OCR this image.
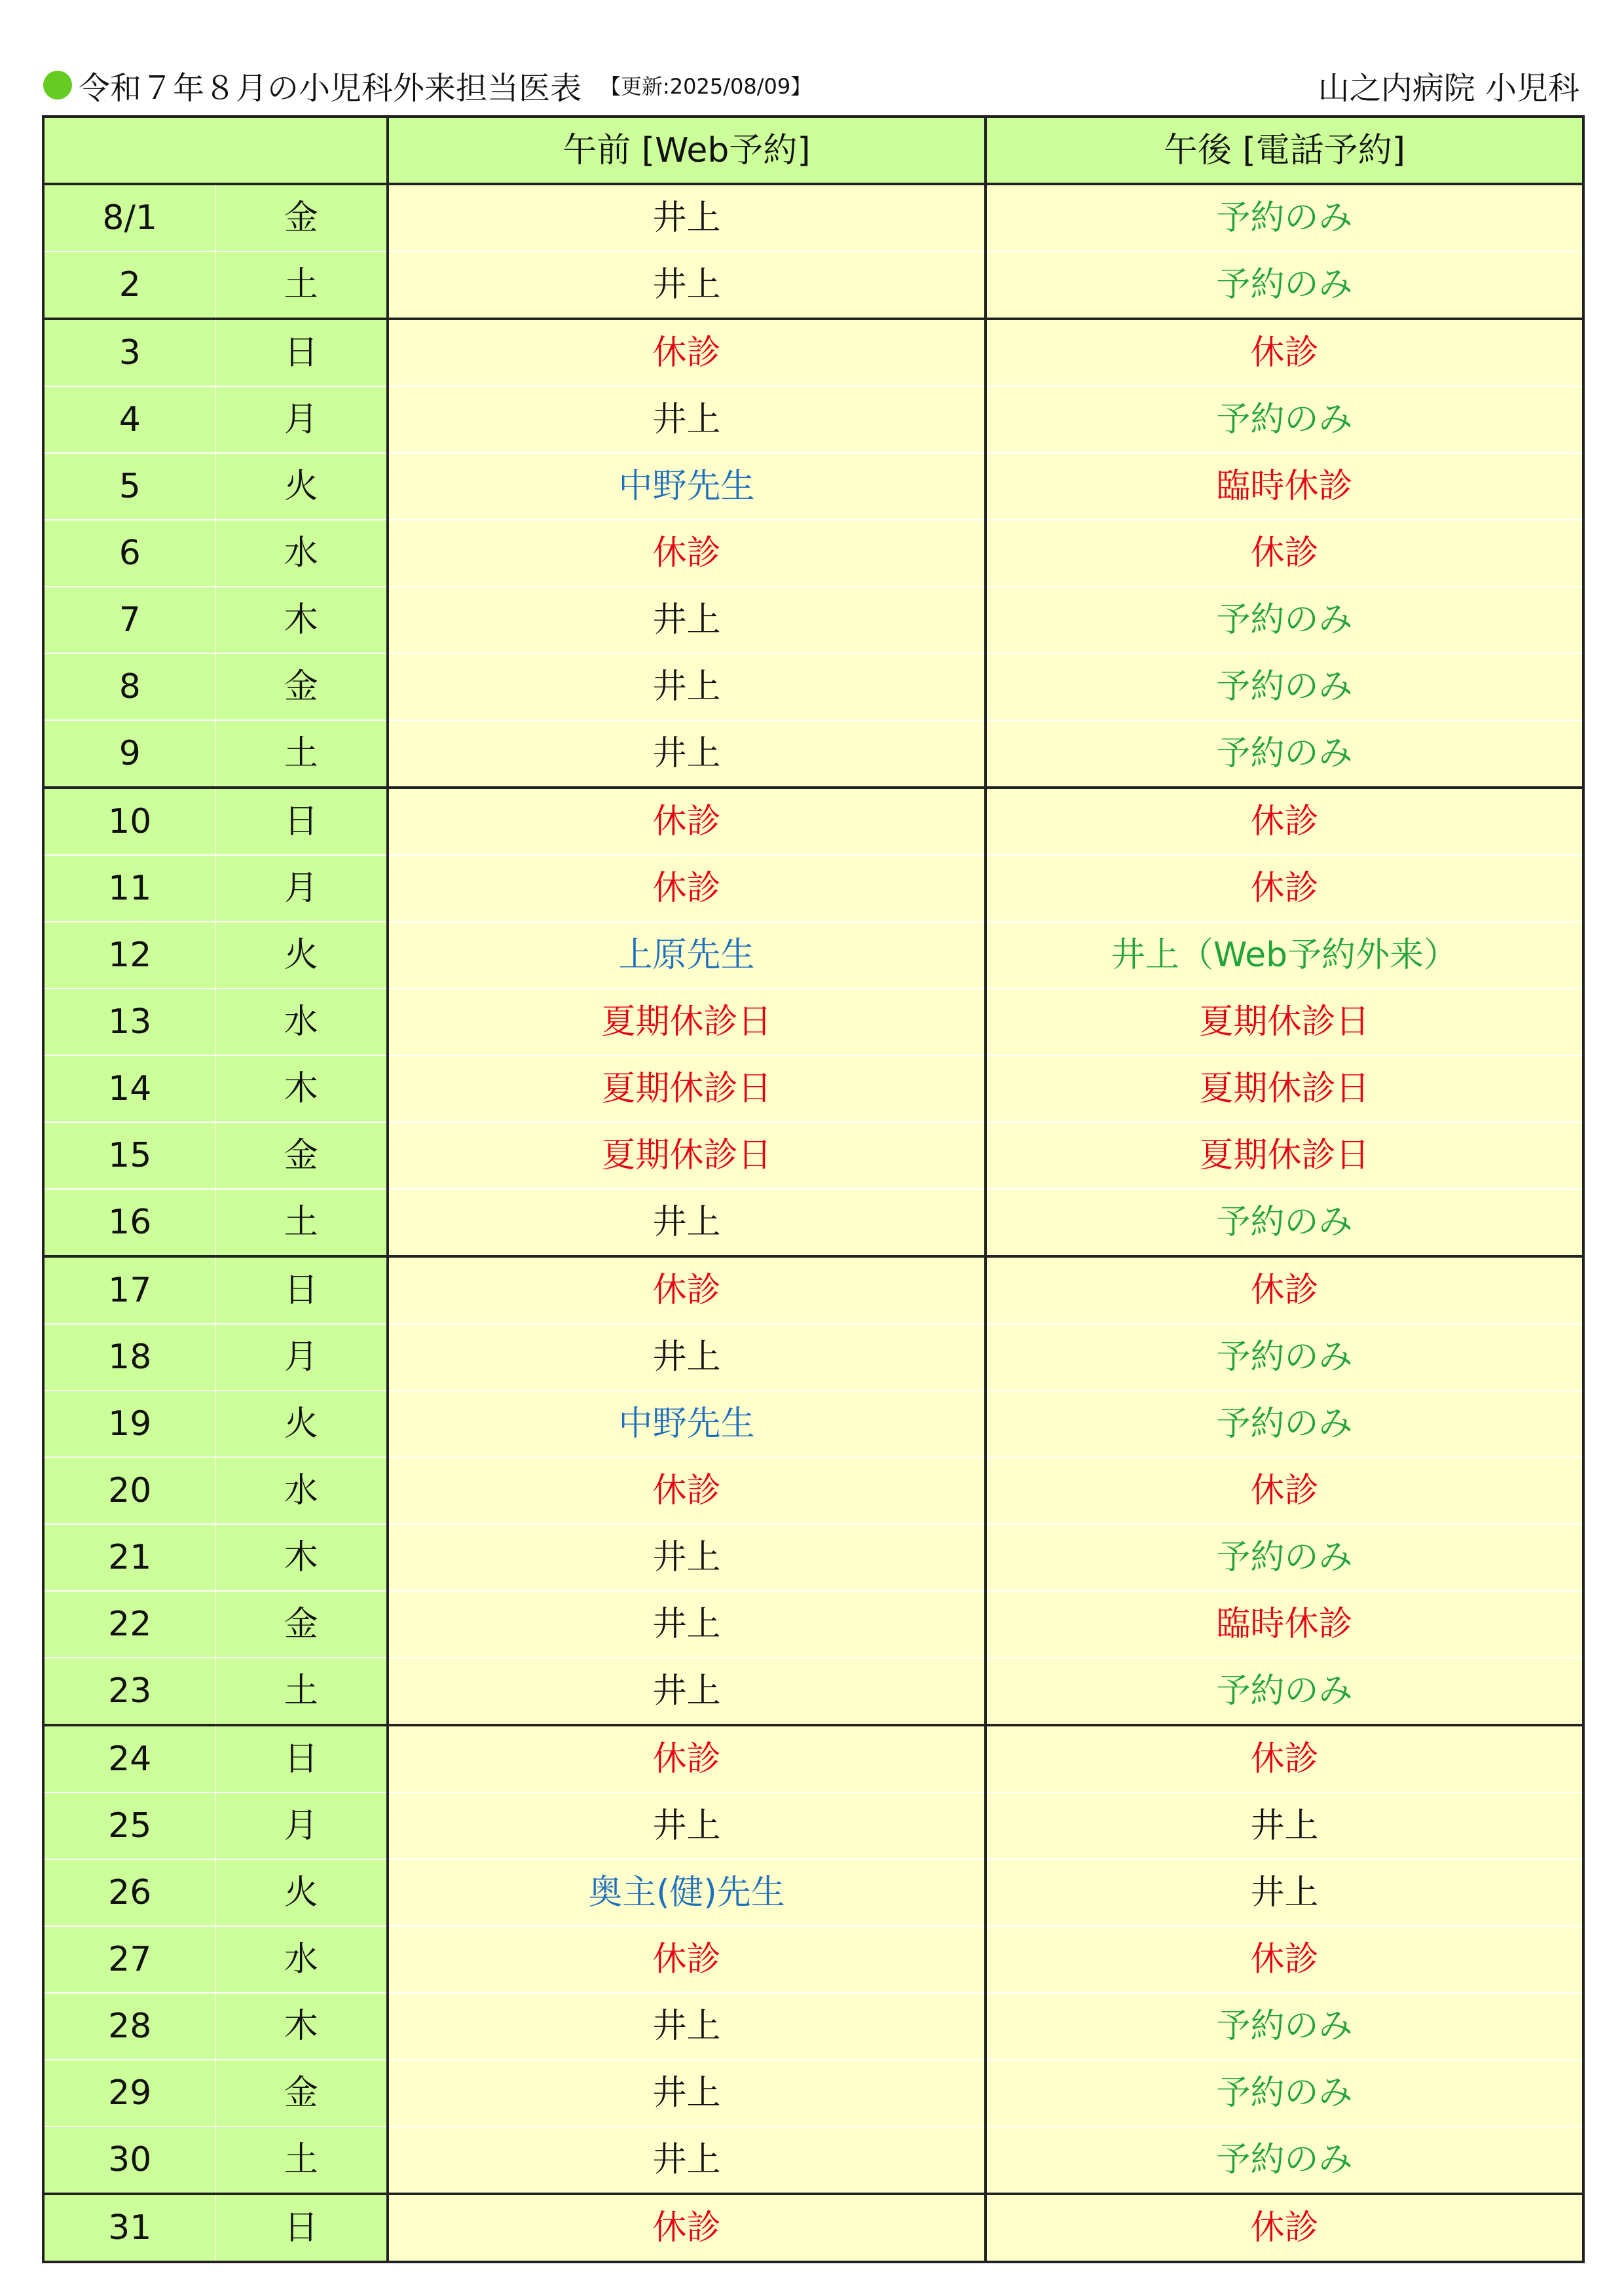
令和７年８月の小児科外来担当医表 【更新:2025/08/09】	山之内病院 小児科
		午前 [Web予約]	午後 [電話予約]
8/1	金	井上	予約のみ
2	土	井上	予約のみ
3	日	休診	休診
4	月	井上	予約のみ
5	火	中野先生	臨時休診
6	水	休診	休診
7	木	井上	予約のみ
8	金	井上	予約のみ
9	土	井上	予約のみ
10	日	休診	休診
11	月	休診	休診
12	火	上原先生	井上（Web予約外来）
13	水	夏期休診日	夏期休診日
14	木	夏期休診日	夏期休診日
15	金	夏期休診日	夏期休診日
16	土	井上	予約のみ
17	日	休診	休診
18	月	井上	予約のみ
19	火	中野先生	予約のみ
20	水	休診	休診
21	木	井上	予約のみ
22	金	井上	臨時休診
23	土	井上	予約のみ
24	日	休診	休診
25	月	井上	井上
26	火	奥主(健)先生	井上
27	水	休診	休診
28	木	井上	予約のみ
29	金	井上	予約のみ
30	土	井上	予約のみ
31	日	休診	休診
